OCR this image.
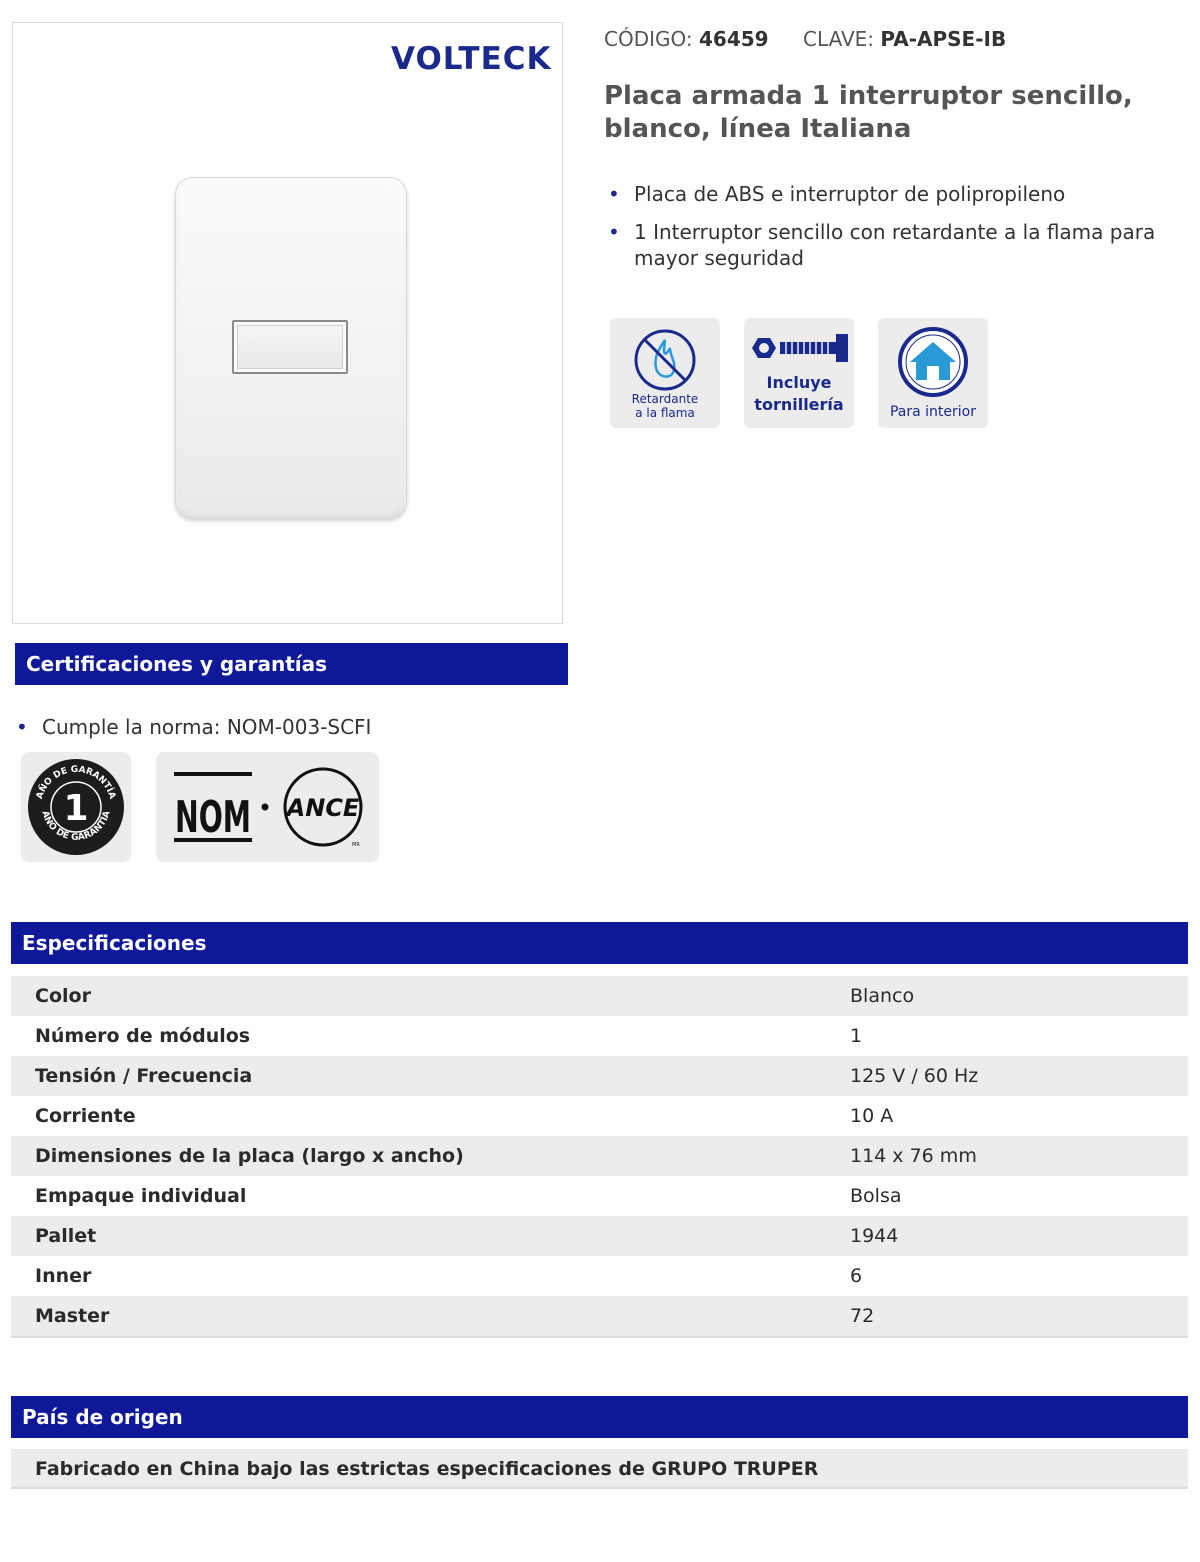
VOLTECK
CÓDIGO: 46459 CLAVE: PA-APSE-IB
Placa armada 1 interruptor sencillo, blanco, línea Italiana
• Placa de ABS e interruptor de polipropileno
• 1 Interruptor sencillo con retardante a la flama para mayor seguridad
Retardante
a la flama
Incluye
tornillería	Para interior
Certificaciones y garantías
• Cumple la norma: NOM-003-SCFI
1
AÑO DE GARANTÍA
AÑO DE GARANTÍA NOM ANCE
MR
Especificaciones
Color	Blanco
Número de módulos	1
Tensión / Frecuencia	125 V / 60 Hz
Corriente	10 A
Dimensiones de la placa (largo x ancho)	114 x 76 mm
Empaque individual	Bolsa
Pallet	1944
Inner	6
Master	72
País de origen
Fabricado en China bajo las estrictas especificaciones de GRUPO TRUPER
